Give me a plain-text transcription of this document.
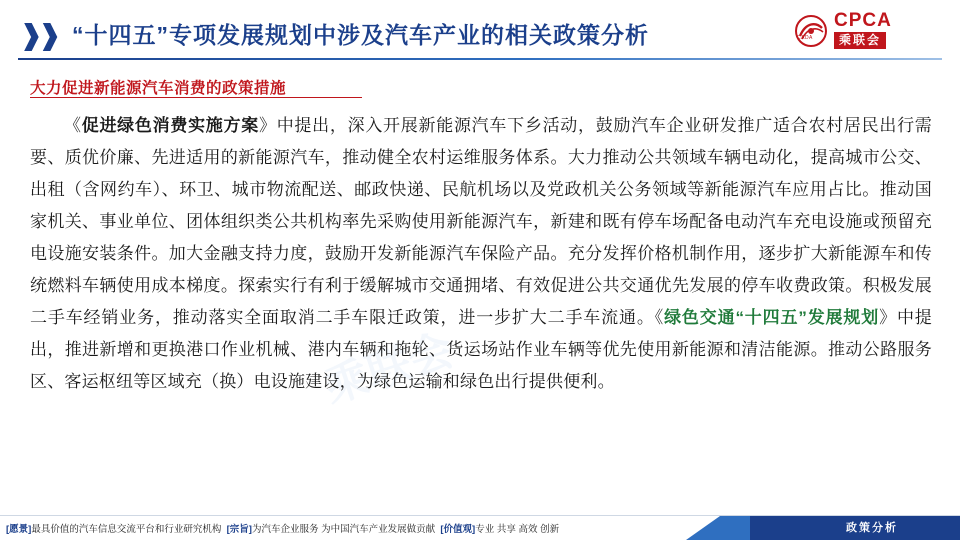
❱❱ “十四五”专项发展规划中涉及汽车产业的相关政策分析	CADA
CPCA
乘联会
大力促进新能源汽车消费的政策措施
乘联会
《促进绿色消费实施方案》中提出，深入开展新能源汽车下乡活动，鼓励汽车企业研发推广适合农村居民出行需要、质优价廉、先进适用的新能源汽车，推动健全农村运维服务体系。大力推动公共领域车辆电动化，提高城市公交、出租（含网约车）、环卫、城市物流配送、邮政快递、民航机场以及党政机关公务领域等新能源汽车应用占比。推动国家机关、事业单位、团体组织类公共机构率先采购使用新能源汽车，新建和既有停车场配备电动汽车充电设施或预留充电设施安装条件。加大金融支持力度，鼓励开发新能源汽车保险产品。充分发挥价格机制作用，逐步扩大新能源车和传统燃料车辆使用成本梯度。探索实行有利于缓解城市交通拥堵、有效促进公共交通优先发展的停车收费政策。积极发展二手车经销业务，推动落实全面取消二手车限迁政策，进一步扩大二手车流通。《绿色交通“十四五”发展规划》中提出，推进新增和更换港口作业机械、港内车辆和拖轮、货运场站作业车辆等优先使用新能源和清洁能源。推动公路服务区、客运枢纽等区域充（换）电设施建设，为绿色运输和绿色出行提供便利。
[愿景]最具价值的汽车信息交流平台和行业研究机构  [宗旨]为汽车企业服务 为中国汽车产业发展做贡献  [价值观]专业 共享 高效 创新	政策分析
